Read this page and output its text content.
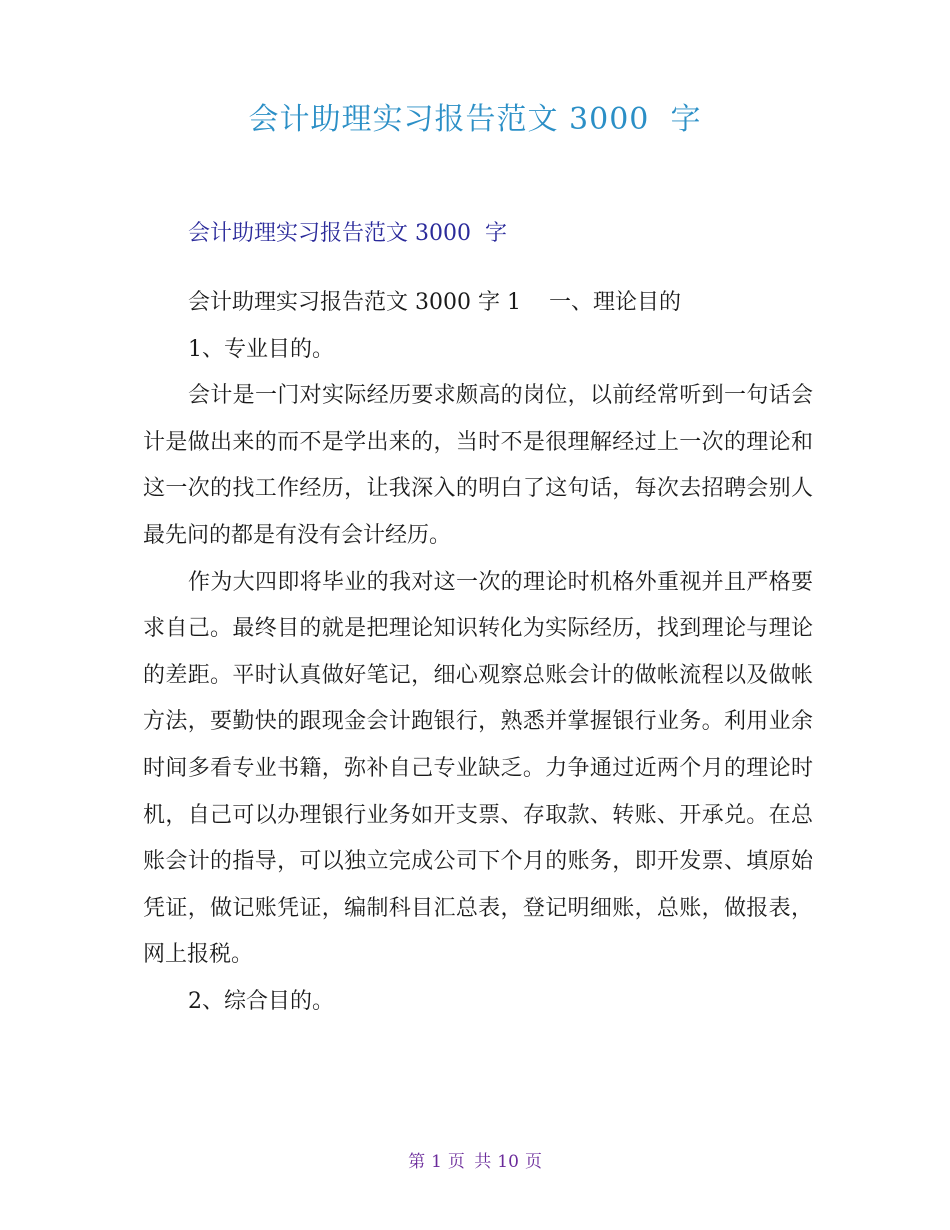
会计助理实习报告范文 3000  字
会计助理实习报告范文 3000  字

会计助理实习报告范文 3000 字 1    一、理论目的

1、专业目的。

会计是一门对实际经历要求颇高的岗位，以前经常听到一句话会计是做出来的而不是学出来的，当时不是很理解经过上一次的理论和这一次的找工作经历，让我深入的明白了这句话，每次去招聘会别人最先问的都是有没有会计经历。

作为大四即将毕业的我对这一次的理论时机格外重视并且严格要求自己。最终目的就是把理论知识转化为实际经历，找到理论与理论的差距。平时认真做好笔记，细心观察总账会计的做帐流程以及做帐方法，要勤快的跟现金会计跑银行，熟悉并掌握银行业务。利用业余时间多看专业书籍，弥补自己专业缺乏。力争通过近两个月的理论时机，自己可以办理银行业务如开支票、存取款、转账、开承兑。在总账会计的指导，可以独立完成公司下个月的账务，即开发票、填原始凭证，做记账凭证，编制科目汇总表，登记明细账，总账，做报表，网上报税。

2、综合目的。

第 1 页 共 10 页
